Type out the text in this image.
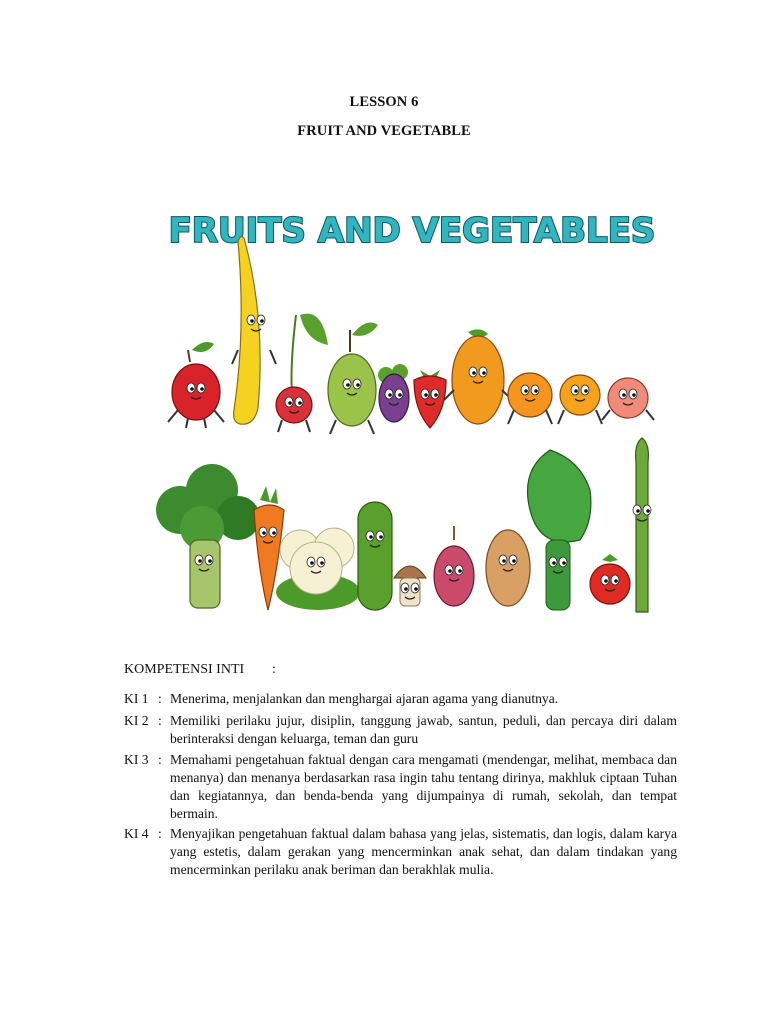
LESSON 6
FRUIT AND VEGETABLE
FRUITS AND VEGETABLES
KOMPETENSI INTI :
KI 1 : Menerima, menjalankan dan menghargai ajaran agama yang dianutnya.
KI 2 : Memiliki perilaku jujur, disiplin, tanggung jawab, santun, peduli, dan percaya diri dalam berinteraksi dengan keluarga, teman dan guru
KI 3 : Memahami pengetahuan faktual dengan cara mengamati (mendengar, melihat, membaca dan menanya) dan menanya berdasarkan rasa ingin tahu tentang dirinya, makhluk ciptaan Tuhan dan kegiatannya, dan benda-benda yang dijumpainya di rumah, sekolah, dan tempat bermain.
KI 4 : Menyajikan pengetahuan faktual dalam bahasa yang jelas, sistematis, dan logis, dalam karya yang estetis, dalam gerakan yang mencerminkan anak sehat, dan dalam tindakan yang mencerminkan perilaku anak beriman dan berakhlak mulia.
